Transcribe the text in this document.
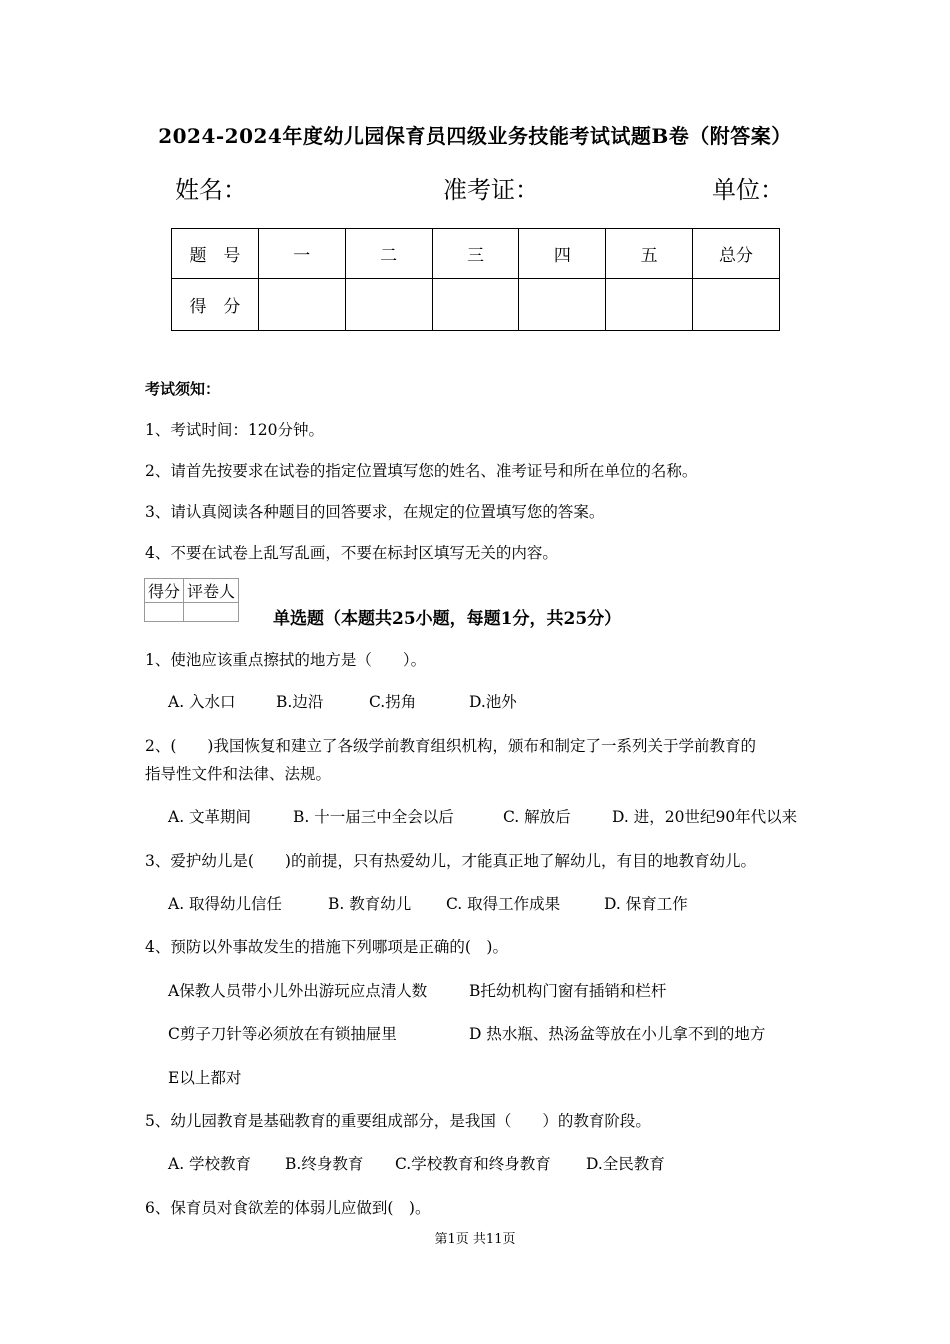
2024-2024年度幼儿园保育员四级业务技能考试试题B卷（附答案）
姓名：	准考证：	单位：
题　号	一	二	三	四	五	总分
得　分						
考试须知：
1、考试时间：120分钟。
2、请首先按要求在试卷的指定位置填写您的姓名、准考证号和所在单位的名称。
3、请认真阅读各种题目的回答要求，在规定的位置填写您的答案。
4、不要在试卷上乱写乱画，不要在标封区填写无关的内容。
得分	评卷人

单选题（本题共25小题，每题1分，共25分）
1、使池应该重点擦拭的地方是（　　）。
A. 入水口	B.边沿	C.拐角	D.池外
2、(　　)我国恢复和建立了各级学前教育组织机构，颁布和制定了一系列关于学前教育的
指导性文件和法律、法规。
A. 文革期间	B. 十一届三中全会以后	C. 解放后	D. 进，20世纪90年代以来
3、爱护幼儿是(　　)的前提，只有热爱幼儿，才能真正地了解幼儿，有目的地教育幼儿。
A. 取得幼儿信任	B. 教育幼儿 C. 取得工作成果	D. 保育工作
4、预防以外事故发生的措施下列哪项是正确的(　)。
A保教人员带小儿外出游玩应点清人数	B托幼机构门窗有插销和栏杆
C剪子刀针等必须放在有锁抽屉里	D 热水瓶、热汤盆等放在小儿拿不到的地方
E以上都对
5、幼儿园教育是基础教育的重要组成部分，是我国（　　）的教育阶段。
A. 学校教育 B.终身教育 C.学校教育和终身教育 D.全民教育
6、保育员对食欲差的体弱儿应做到(　)。
第1页 共11页
